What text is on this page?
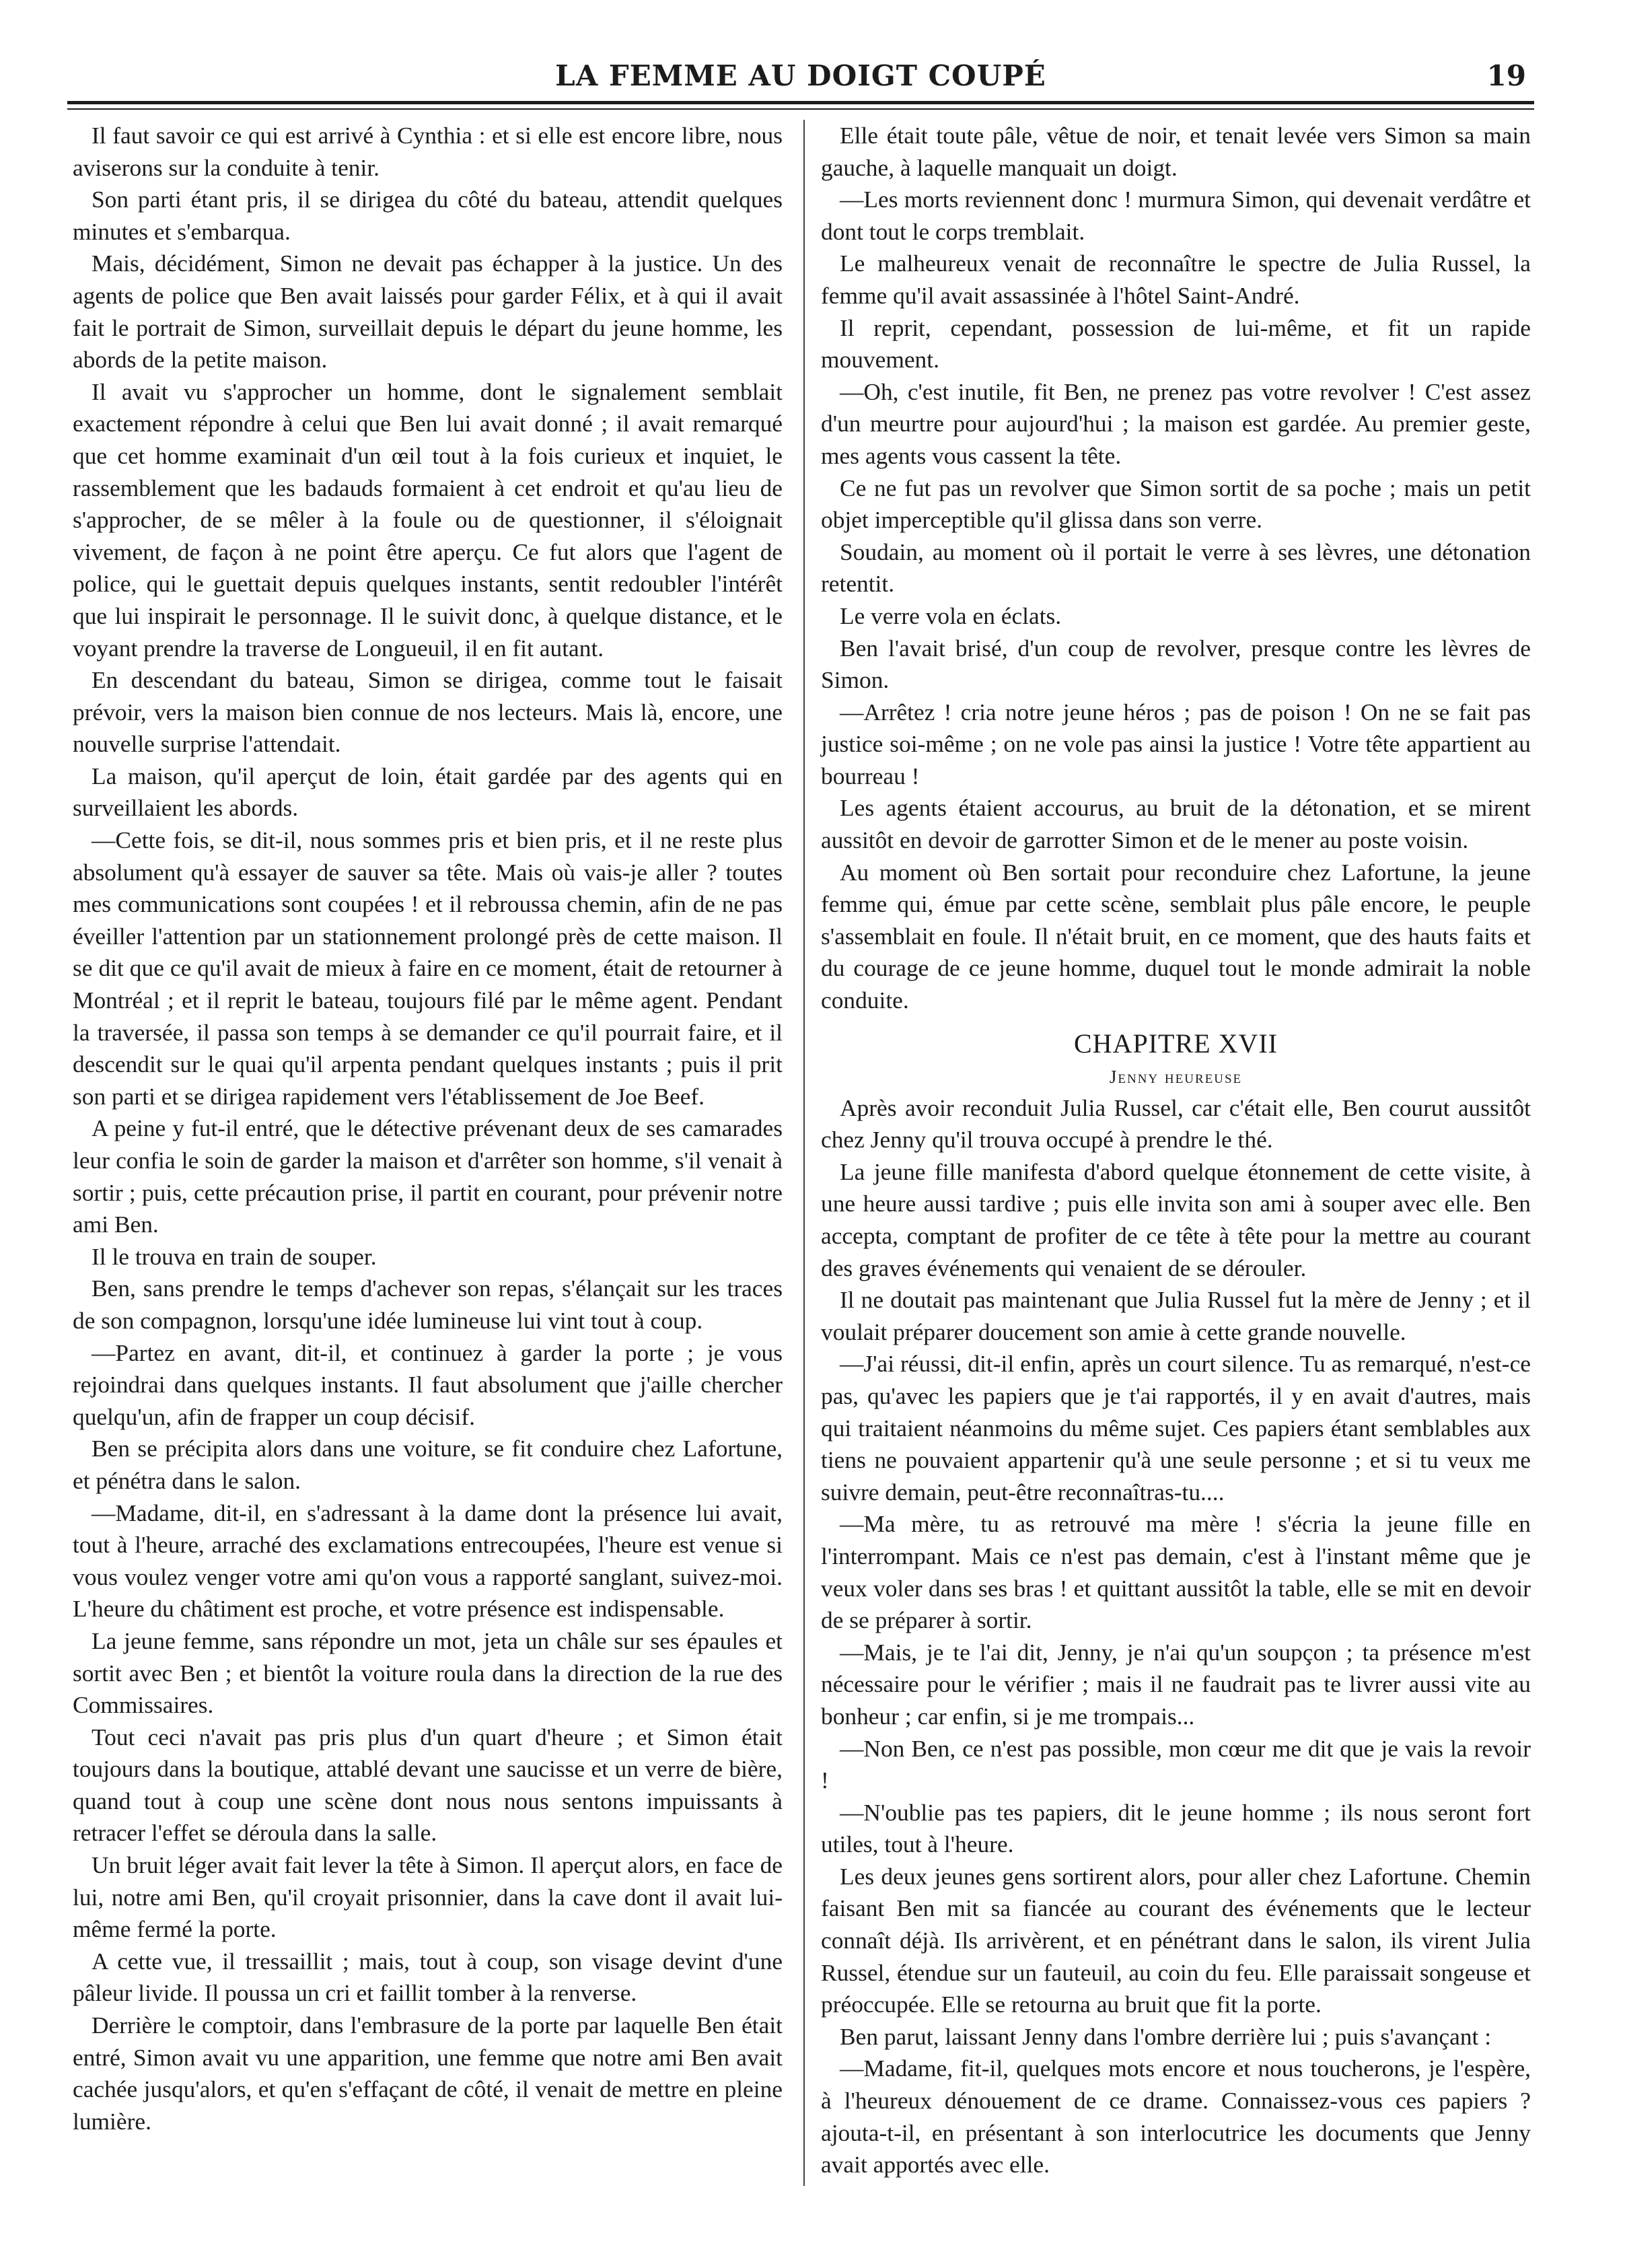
LA FEMME AU DOIGT COUPÉ	19

Il faut savoir ce qui est arrivé à Cynthia : et si elle est encore libre, nous aviserons sur la conduite à tenir.

Son parti étant pris, il se dirigea du côté du bateau, attendit quelques minutes et s'embarqua.

Mais, décidément, Simon ne devait pas échapper à la justice. Un des agents de police que Ben avait laissés pour garder Félix, et à qui il avait fait le portrait de Simon, surveillait depuis le départ du jeune homme, les abords de la petite maison.

Il avait vu s'approcher un homme, dont le signalement semblait exactement répondre à celui que Ben lui avait donné ; il avait remarqué que cet homme examinait d'un œil tout à la fois curieux et inquiet, le rassemblement que les badauds formaient à cet endroit et qu'au lieu de s'approcher, de se mêler à la foule ou de questionner, il s'éloignait vivement, de façon à ne point être aperçu. Ce fut alors que l'agent de police, qui le guettait depuis quelques instants, sentit redoubler l'intérêt que lui inspirait le personnage. Il le suivit donc, à quelque distance, et le voyant prendre la traverse de Longueuil, il en fit autant.

En descendant du bateau, Simon se dirigea, comme tout le faisait prévoir, vers la maison bien connue de nos lecteurs. Mais là, encore, une nouvelle surprise l'attendait.

La maison, qu'il aperçut de loin, était gardée par des agents qui en surveillaient les abords.

—Cette fois, se dit-il, nous sommes pris et bien pris, et il ne reste plus absolument qu'à essayer de sauver sa tête. Mais où vais-je aller ? toutes mes communications sont coupées ! et il rebroussa chemin, afin de ne pas éveiller l'attention par un stationnement prolongé près de cette maison. Il se dit que ce qu'il avait de mieux à faire en ce moment, était de retourner à Montréal ; et il reprit le bateau, toujours filé par le même agent. Pendant la traversée, il passa son temps à se demander ce qu'il pourrait faire, et il descendit sur le quai qu'il arpenta pendant quelques instants ; puis il prit son parti et se dirigea rapidement vers l'établissement de Joe Beef.

A peine y fut-il entré, que le détective prévenant deux de ses camarades leur confia le soin de garder la maison et d'arrêter son homme, s'il venait à sortir ; puis, cette précaution prise, il partit en courant, pour prévenir notre ami Ben.

Il le trouva en train de souper.

Ben, sans prendre le temps d'achever son repas, s'élançait sur les traces de son compagnon, lorsqu'une idée lumineuse lui vint tout à coup.

—Partez en avant, dit-il, et continuez à garder la porte ; je vous rejoindrai dans quelques instants. Il faut absolument que j'aille chercher quelqu'un, afin de frapper un coup décisif.

Ben se précipita alors dans une voiture, se fit conduire chez Lafortune, et pénétra dans le salon.

—Madame, dit-il, en s'adressant à la dame dont la présence lui avait, tout à l'heure, arraché des exclamations entrecoupées, l'heure est venue si vous voulez venger votre ami qu'on vous a rapporté sanglant, suivez-moi. L'heure du châtiment est proche, et votre présence est indispensable.

La jeune femme, sans répondre un mot, jeta un châle sur ses épaules et sortit avec Ben ; et bientôt la voiture roula dans la direction de la rue des Commissaires.

Tout ceci n'avait pas pris plus d'un quart d'heure ; et Simon était toujours dans la boutique, attablé devant une saucisse et un verre de bière, quand tout à coup une scène dont nous nous sentons impuissants à retracer l'effet se déroula dans la salle.

Un bruit léger avait fait lever la tête à Simon. Il aperçut alors, en face de lui, notre ami Ben, qu'il croyait prisonnier, dans la cave dont il avait lui-même fermé la porte.

A cette vue, il tressaillit ; mais, tout à coup, son visage devint d'une pâleur livide. Il poussa un cri et faillit tomber à la renverse.

Derrière le comptoir, dans l'embrasure de la porte par laquelle Ben était entré, Simon avait vu une apparition, une femme que notre ami Ben avait cachée jusqu'alors, et qu'en s'effaçant de côté, il venait de mettre en pleine lumière.

Elle était toute pâle, vêtue de noir, et tenait levée vers Simon sa main gauche, à laquelle manquait un doigt.

—Les morts reviennent donc ! murmura Simon, qui devenait verdâtre et dont tout le corps tremblait.

Le malheureux venait de reconnaître le spectre de Julia Russel, la femme qu'il avait assassinée à l'hôtel Saint-André.

Il reprit, cependant, possession de lui-même, et fit un rapide mouvement.

—Oh, c'est inutile, fit Ben, ne prenez pas votre revolver ! C'est assez d'un meurtre pour aujourd'hui ; la maison est gardée. Au premier geste, mes agents vous cassent la tête.

Ce ne fut pas un revolver que Simon sortit de sa poche ; mais un petit objet imperceptible qu'il glissa dans son verre.

Soudain, au moment où il portait le verre à ses lèvres, une détonation retentit.

Le verre vola en éclats.

Ben l'avait brisé, d'un coup de revolver, presque contre les lèvres de Simon.

—Arrêtez ! cria notre jeune héros ; pas de poison ! On ne se fait pas justice soi-même ; on ne vole pas ainsi la justice ! Votre tête appartient au bourreau !

Les agents étaient accourus, au bruit de la détonation, et se mirent aussitôt en devoir de garrotter Simon et de le mener au poste voisin.

Au moment où Ben sortait pour reconduire chez Lafortune, la jeune femme qui, émue par cette scène, semblait plus pâle encore, le peuple s'assemblait en foule. Il n'était bruit, en ce moment, que des hauts faits et du courage de ce jeune homme, duquel tout le monde admirait la noble conduite.

CHAPITRE XVII
Jenny heureuse

Après avoir reconduit Julia Russel, car c'était elle, Ben courut aussitôt chez Jenny qu'il trouva occupé à prendre le thé.

La jeune fille manifesta d'abord quelque étonnement de cette visite, à une heure aussi tardive ; puis elle invita son ami à souper avec elle. Ben accepta, comptant de profiter de ce tête à tête pour la mettre au courant des graves événements qui venaient de se dérouler.

Il ne doutait pas maintenant que Julia Russel fut la mère de Jenny ; et il voulait préparer doucement son amie à cette grande nouvelle.

—J'ai réussi, dit-il enfin, après un court silence. Tu as remarqué, n'est-ce pas, qu'avec les papiers que je t'ai rapportés, il y en avait d'autres, mais qui traitaient néanmoins du même sujet. Ces papiers étant semblables aux tiens ne pouvaient appartenir qu'à une seule personne ; et si tu veux me suivre demain, peut-être reconnaîtras-tu....

—Ma mère, tu as retrouvé ma mère ! s'écria la jeune fille en l'interrompant. Mais ce n'est pas demain, c'est à l'instant même que je veux voler dans ses bras ! et quittant aussitôt la table, elle se mit en devoir de se préparer à sortir.

—Mais, je te l'ai dit, Jenny, je n'ai qu'un soupçon ; ta présence m'est nécessaire pour le vérifier ; mais il ne faudrait pas te livrer aussi vite au bonheur ; car enfin, si je me trompais...

—Non Ben, ce n'est pas possible, mon cœur me dit que je vais la revoir !

—N'oublie pas tes papiers, dit le jeune homme ; ils nous seront fort utiles, tout à l'heure.

Les deux jeunes gens sortirent alors, pour aller chez Lafortune. Chemin faisant Ben mit sa fiancée au courant des événements que le lecteur connaît déjà. Ils arrivèrent, et en pénétrant dans le salon, ils virent Julia Russel, étendue sur un fauteuil, au coin du feu. Elle paraissait songeuse et préoccupée. Elle se retourna au bruit que fit la porte.

Ben parut, laissant Jenny dans l'ombre derrière lui ; puis s'avançant :

—Madame, fit-il, quelques mots encore et nous toucherons, je l'espère, à l'heureux dénouement de ce drame. Connaissez-vous ces papiers ? ajouta-t-il, en présentant à son interlocutrice les documents que Jenny avait apportés avec elle.
